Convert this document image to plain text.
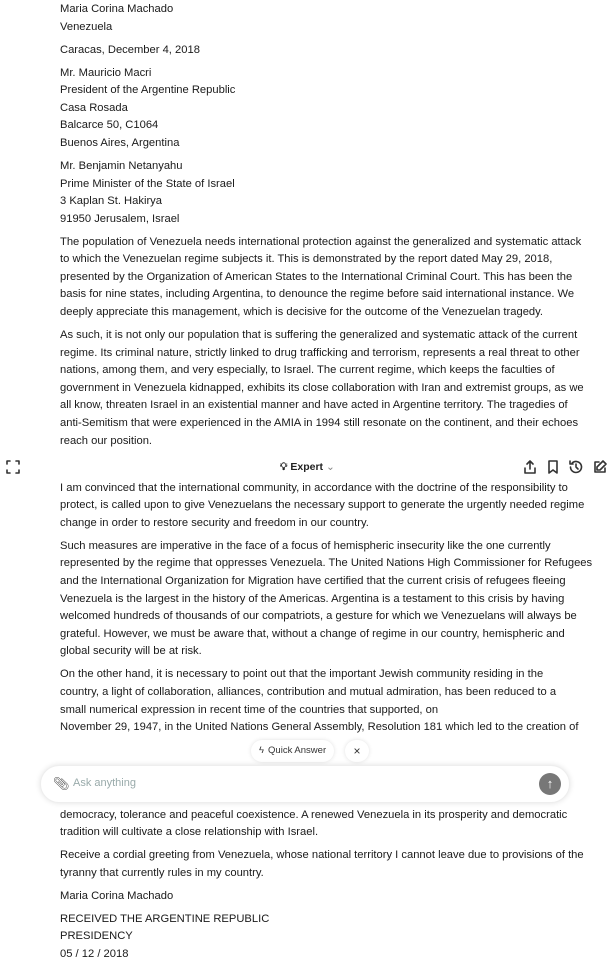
Maria Corina Machado
Venezuela
Caracas, December 4, 2018
Mr. Mauricio Macri
President of the Argentine Republic
Casa Rosada
Balcarce 50, C1064
Buenos Aires, Argentina
Mr. Benjamin Netanyahu
Prime Minister of the State of Israel
3 Kaplan St. Hakirya
91950 Jerusalem, Israel
The population of Venezuela needs international protection against the generalized and systematic attack
to which the Venezuelan regime subjects it. This is demonstrated by the report dated May 29, 2018,
presented by the Organization of American States to the International Criminal Court. This has been the
basis for nine states, including Argentina, to denounce the regime before said international instance. We
deeply appreciate this management, which is decisive for the outcome of the Venezuelan tragedy.
As such, it is not only our population that is suffering the generalized and systematic attack of the current
regime. Its criminal nature, strictly linked to drug trafficking and terrorism, represents a real threat to other
nations, among them, and very especially, to Israel. The current regime, which keeps the faculties of
government in Venezuela kidnapped, exhibits its close collaboration with Iran and extremist groups, as we
all know, threaten Israel in an existential manner and have acted in Argentine territory. The tragedies of
anti-Semitism that were experienced in the AMIA in 1994 still resonate on the continent, and their echoes
reach our position.
💡︎ Expert ⌄
I am convinced that the international community, in accordance with the doctrine of the responsibility to
protect, is called upon to give Venezuelans the necessary support to generate the urgently needed regime
change in order to restore security and freedom in our country.
Such measures are imperative in the face of a focus of hemispheric insecurity like the one currently
represented by the regime that oppresses Venezuela. The United Nations High Commissioner for Refugees
and the International Organization for Migration have certified that the current crisis of refugees fleeing
Venezuela is the largest in the history of the Americas. Argentina is a testament to this crisis by having
welcomed hundreds of thousands of our compatriots, a gesture for which we Venezuelans will always be
grateful. However, we must be aware that, without a change of regime in our country, hemispheric and
global security will be at risk.
On the other hand, it is necessary to point out that the important Jewish community residing in the
country, a light of collaboration, alliances, contribution and mutual admiration, has been reduced to a
small numerical expression in recent time of the countries that supported, on
November 29, 1947, in the United Nations General Assembly, Resolution 181 which led to the creation of
ϟ Quick Answer	×
📎︎
Ask anything	↑
democracy, tolerance and peaceful coexistence. A renewed Venezuela in its prosperity and democratic
tradition will cultivate a close relationship with Israel.
Receive a cordial greeting from Venezuela, whose national territory I cannot leave due to provisions of the
tyranny that currently rules in my country.
Maria Corina Machado
RECEIVED THE ARGENTINE REPUBLIC
PRESIDENCY
05 / 12 / 2018
